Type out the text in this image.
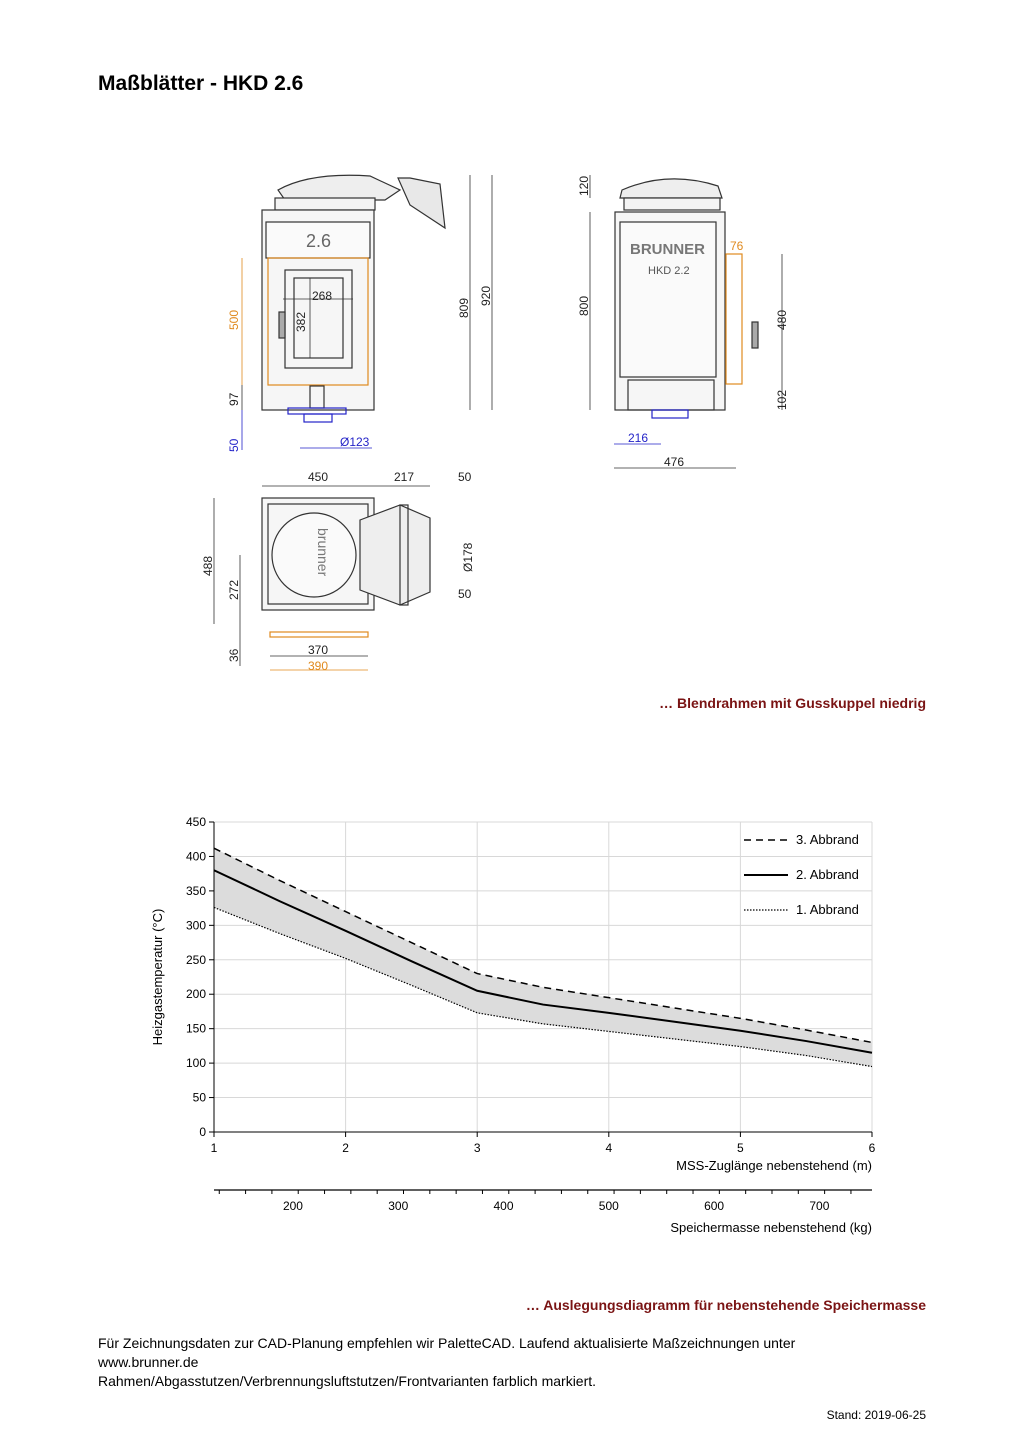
Maßblätter - HKD 2.6
268
382
500
97
50
809
920
Ø123
2.6
120
800
76
480
102
216
476
BRUNNER
HKD 2.2
450	217	50
488
272
Ø178
50
36	370
390
brunner
… Blendrahmen mit Gusskuppel niedrig
0
50
100
150
200
250
300
350
400
450
1	2	3	4	5	6
200	300	400	500	600	700
Heizgastemperatur (°C)
MSS-Zuglänge nebenstehend (m)
Speichermasse nebenstehend (kg)
3. Abbrand
2. Abbrand
1. Abbrand
… Auslegungsdiagramm für nebenstehende Speichermasse
Für Zeichnungsdaten zur CAD-Planung empfehlen wir PaletteCAD. Laufend aktualisierte Maßzeichnungen unter
www.brunner.de
Rahmen/Abgasstutzen/Verbrennungsluftstutzen/Frontvarianten farblich markiert.
Stand: 2019-06-25
